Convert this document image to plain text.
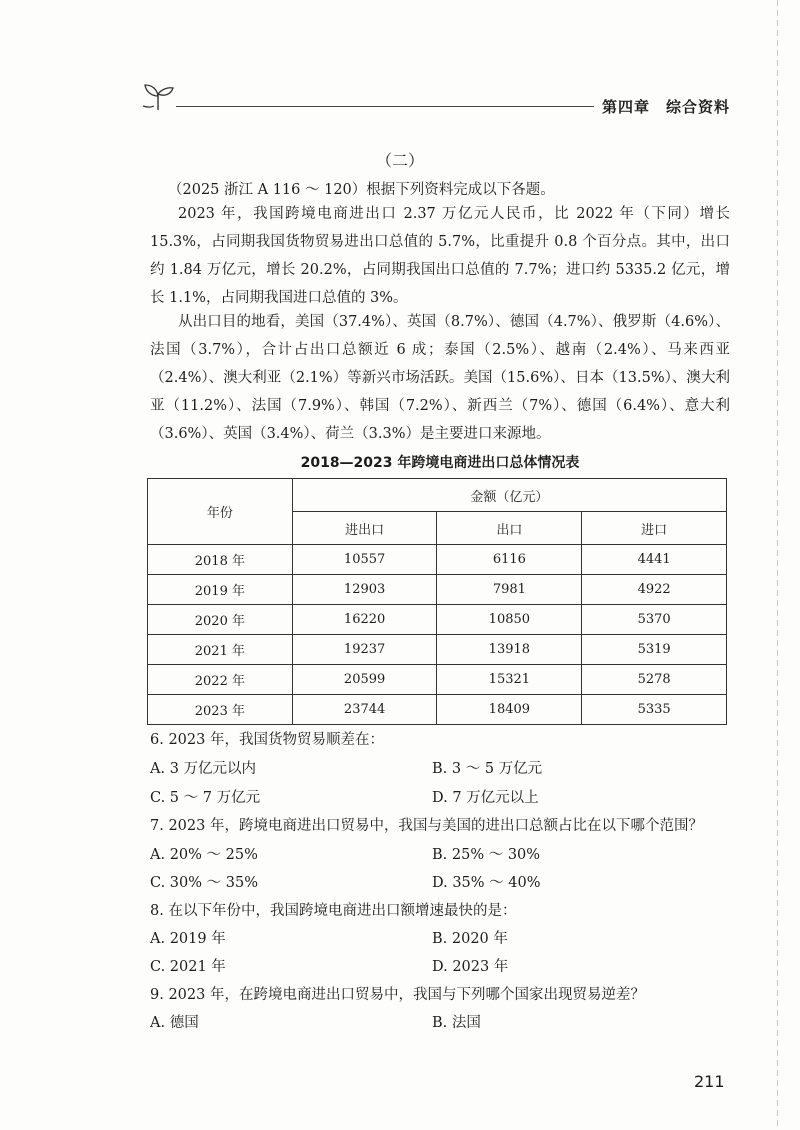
第四章　综合资料
（二）

（2025 浙江 A 116 ～ 120）根据下列资料完成以下各题。

2023 年，我国跨境电商进出口 2.37 万亿元人民币，比 2022 年（下同）增长 15.3%，占同期我国货物贸易进出口总值的 5.7%，比重提升 0.8 个百分点。其中，出口约 1.84 万亿元，增长 20.2%，占同期我国出口总值的 7.7%；进口约 5335.2 亿元，增长 1.1%，占同期我国进口总值的 3%。

从出口目的地看，美国（37.4%）、英国（8.7%）、德国（4.7%）、俄罗斯（4.6%）、法国（3.7%），合计占出口总额近 6 成；泰国（2.5%）、越南（2.4%）、马来西亚（2.4%）、澳大利亚（2.1%）等新兴市场活跃。美国（15.6%）、日本（13.5%）、澳大利亚（11.2%）、法国（7.9%）、韩国（7.2%）、新西兰（7%）、德国（6.4%）、意大利（3.6%）、英国（3.4%）、荷兰（3.3%）是主要进口来源地。

2018—2023 年跨境电商进出口总体情况表
年份	金额（亿元）		
	进出口	出口	进口
2018 年	10557	6116	4441
2019 年	12903	7981	4922
2020 年	16220	10850	5370
2021 年	19237	13918	5319
2022 年	20599	15321	5278
2023 年	23744	18409	5335
6. 2023 年，我国货物贸易顺差在：
A. 3 万亿元以内	B. 3 ～ 5 万亿元
C. 5 ～ 7 万亿元	D. 7 万亿元以上
7. 2023 年，跨境电商进出口贸易中，我国与美国的进出口总额占比在以下哪个范围？
A. 20% ～ 25%	B. 25% ～ 30%
C. 30% ～ 35%	D. 35% ～ 40%
8. 在以下年份中，我国跨境电商进出口额增速最快的是：
A. 2019 年	B. 2020 年
C. 2021 年	D. 2023 年
9. 2023 年，在跨境电商进出口贸易中，我国与下列哪个国家出现贸易逆差？
A. 德国	B. 法国
211
